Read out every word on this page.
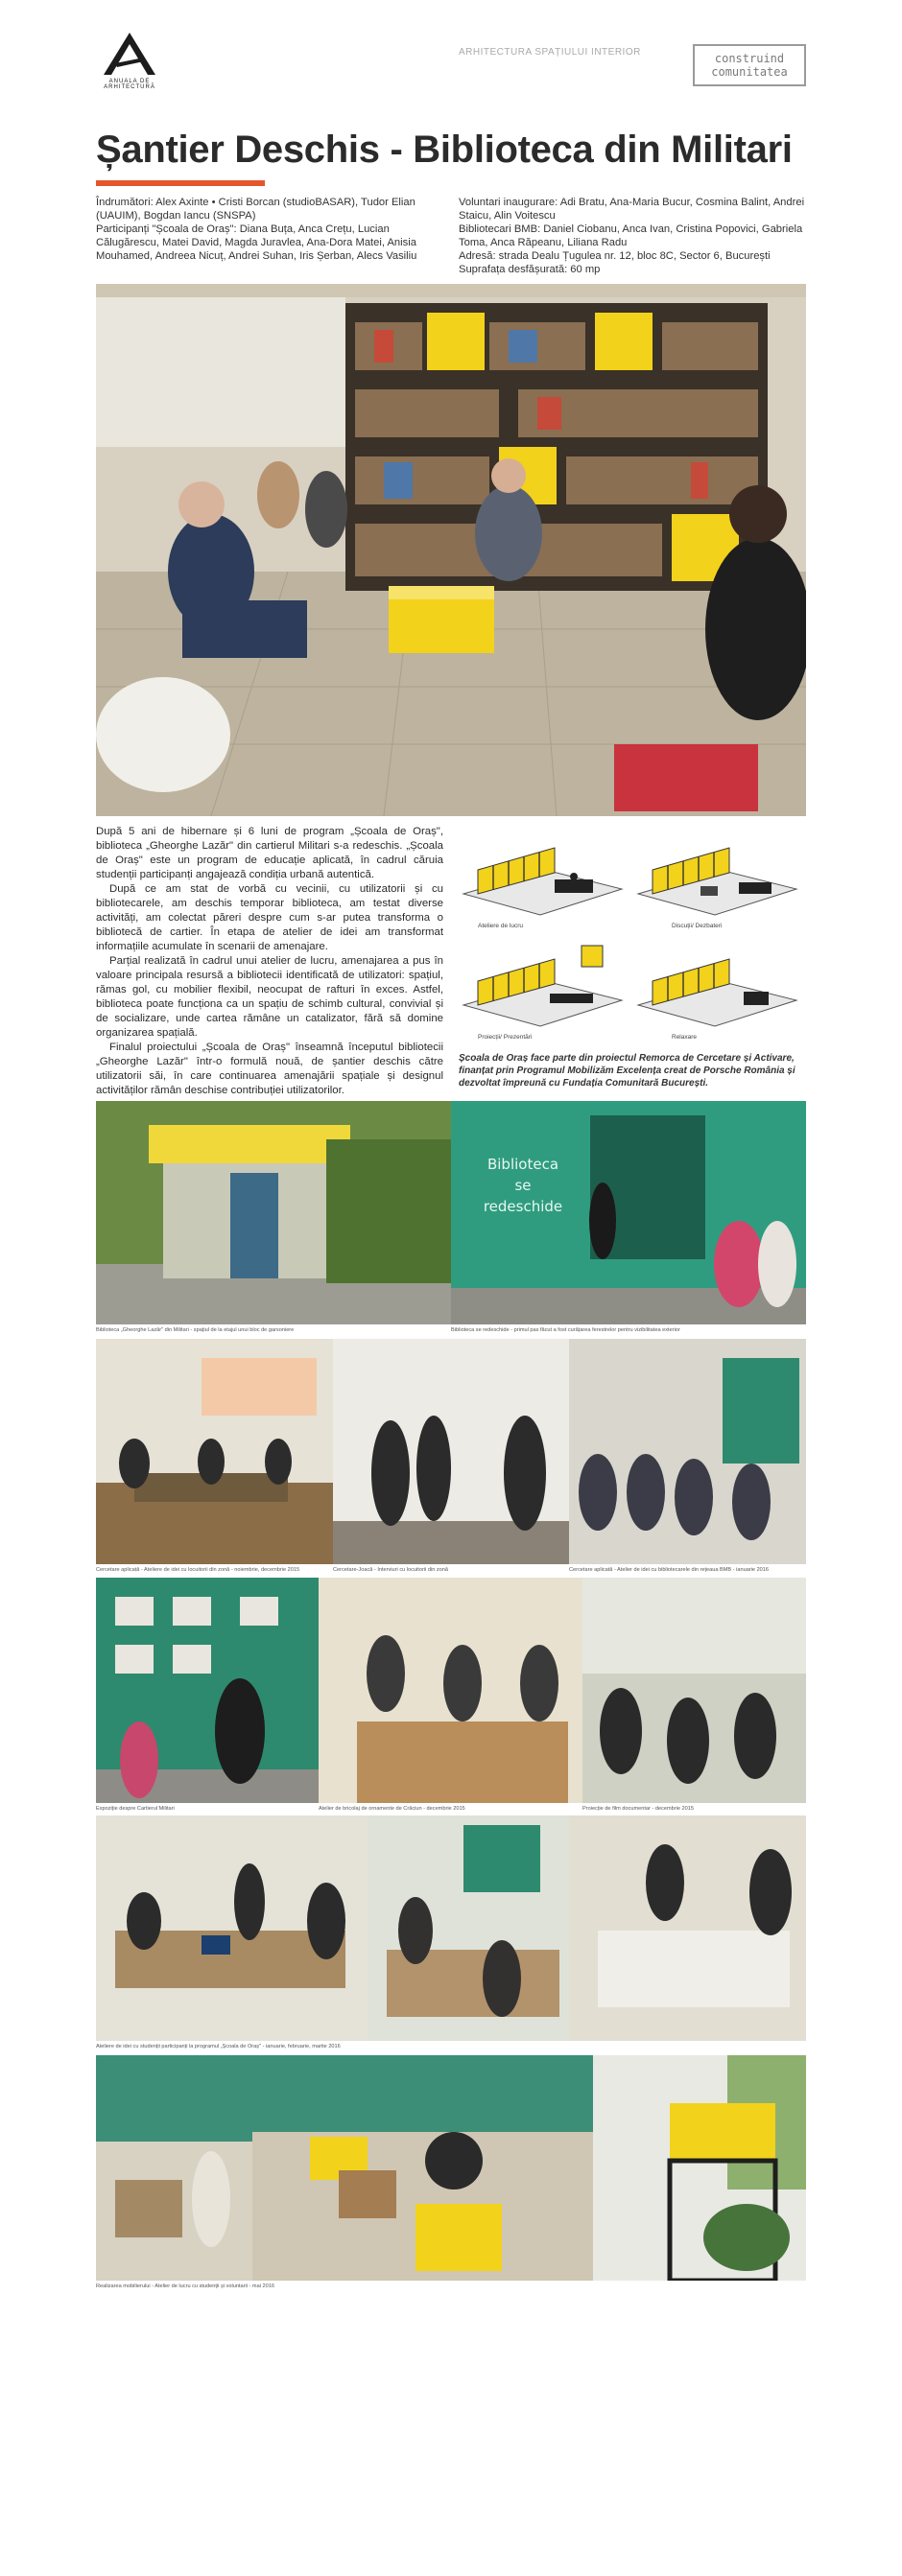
ANUALA DE ARHITECTURĂ
ARHITECTURA SPAȚIULUI INTERIOR	construind
comunitatea
Șantier Deschis - Biblioteca din Militari

Îndrumători: Alex Axinte • Cristi Borcan (studioBASAR), Tudor Elian (UAUIM), Bogdan Iancu (SNSPA)

Participanți "Școala de Oraș": Diana Buța, Anca Crețu, Lucian Călugărescu, Matei David, Magda Juravlea, Ana-Dora Matei, Anisia Mouhamed, Andreea Nicuț, Andrei Suhan, Iris Șerban, Alecs Vasiliu

Voluntari inaugurare: Adi Bratu, Ana-Maria Bucur, Cosmina Balint, Andrei Staicu, Alin Voitescu

Bibliotecari BMB: Daniel Ciobanu, Anca Ivan, Cristina Popovici, Gabriela Toma, Anca Răpeanu, Liliana Radu

Adresă: strada Dealu Țugulea nr. 12, bloc 8C, Sector 6, București

Suprafața desfășurată: 60 mp

După 5 ani de hibernare și 6 luni de program „Școala de Oraș", biblioteca „Gheorghe Lazăr" din cartierul Militari s-a redeschis. „Școala de Oraș" este un program de educație aplicată, în cadrul căruia studenții participanți angajează condiția urbană autentică.

După ce am stat de vorbă cu vecinii, cu utilizatorii și cu bibliotecarele, am deschis temporar biblioteca, am testat diverse activități, am colectat păreri despre cum s-ar putea transforma o bibliotecă de cartier. În etapa de atelier de idei am transformat informațiile acumulate în scenarii de amenajare.

Parțial realizată în cadrul unui atelier de lucru, amenajarea a pus în valoare principala resursă a bibliotecii identificată de utilizatori: spațiul, rămas gol, cu mobilier flexibil, neocupat de rafturi în exces. Astfel, biblioteca poate funcționa ca un spațiu de schimb cultural, convivial și de socializare, unde cartea rămâne un catalizator, fără să domine organizarea spațială.

Finalul proiectului „Școala de Oraș" înseamnă începutul bibliotecii „Gheorghe Lazăr" într-o formulă nouă, de șantier deschis către utilizatorii săi, în care continuarea amenajării spațiale și designul activităților rămân deschise contribuției utilizatorilor.

Ateliere de lucru	Discuții/ Dezbateri
Proiecții/ Prezentări	Relaxare
Școala de Oraș face parte din proiectul Remorca de Cercetare și Activare, finanțat prin Programul Mobilizăm Excelența creat de Porsche România și dezvoltat împreună cu Fundația Comunitară București.
Biblioteca se redeschide
Biblioteca „Gheorghe Lazăr" din Militari - spațiul de la etajul unui bloc de garsoniere	Biblioteca se redeschide - primul pas făcut a fost curățarea ferestrelor pentru vizibilitatea exterior
Cercetare aplicată - Ateliere de idei cu locuitorii din zonă - noiembrie, decembrie 2015	Cercetare-Joacă - Interviuri cu locuitorii din zonă	Cercetare aplicată - Atelier de idei cu bibliotecarele din rețeaua BMB - ianuarie 2016
Expoziție despre Cartierul Militari	Atelier de bricolaj de ornamente de Crăciun - decembrie 2015	Proiecție de film documentar - decembrie 2015
Ateliere de idei cu studenții participanți la programul „Școala de Oraș" - ianuarie, februarie, martie 2016
Realizarea mobilierului - Atelier de lucru cu studenții și voluntarii - mai 2016
